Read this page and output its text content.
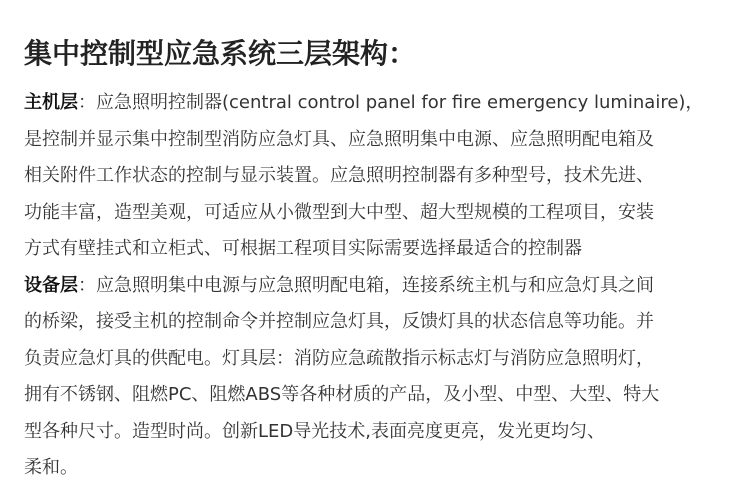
集中控制型应急系统三层架构：
主机层：应急照明控制器(central control panel for fire emergency luminaire)，
是控制并显示集中控制型消防应急灯具、应急照明集中电源、应急照明配电箱及
相关附件工作状态的控制与显示装置。应急照明控制器有多种型号，技术先进、
功能丰富，造型美观，可适应从小微型到大中型、超大型规模的工程项目，安装
方式有壁挂式和立柜式、可根据工程项目实际需要选择最适合的控制器
设备层：应急照明集中电源与应急照明配电箱，连接系统主机与和应急灯具之间
的桥梁，接受主机的控制命令并控制应急灯具，反馈灯具的状态信息等功能。并
负责应急灯具的供配电。灯具层：消防应急疏散指示标志灯与消防应急照明灯，
拥有不锈钢、阻燃PC、阻燃ABS等各种材质的产品，及小型、中型、大型、特大
型各种尺寸。造型时尚。创新LED导光技术,表面亮度更亮，发光更均匀、
柔和。
